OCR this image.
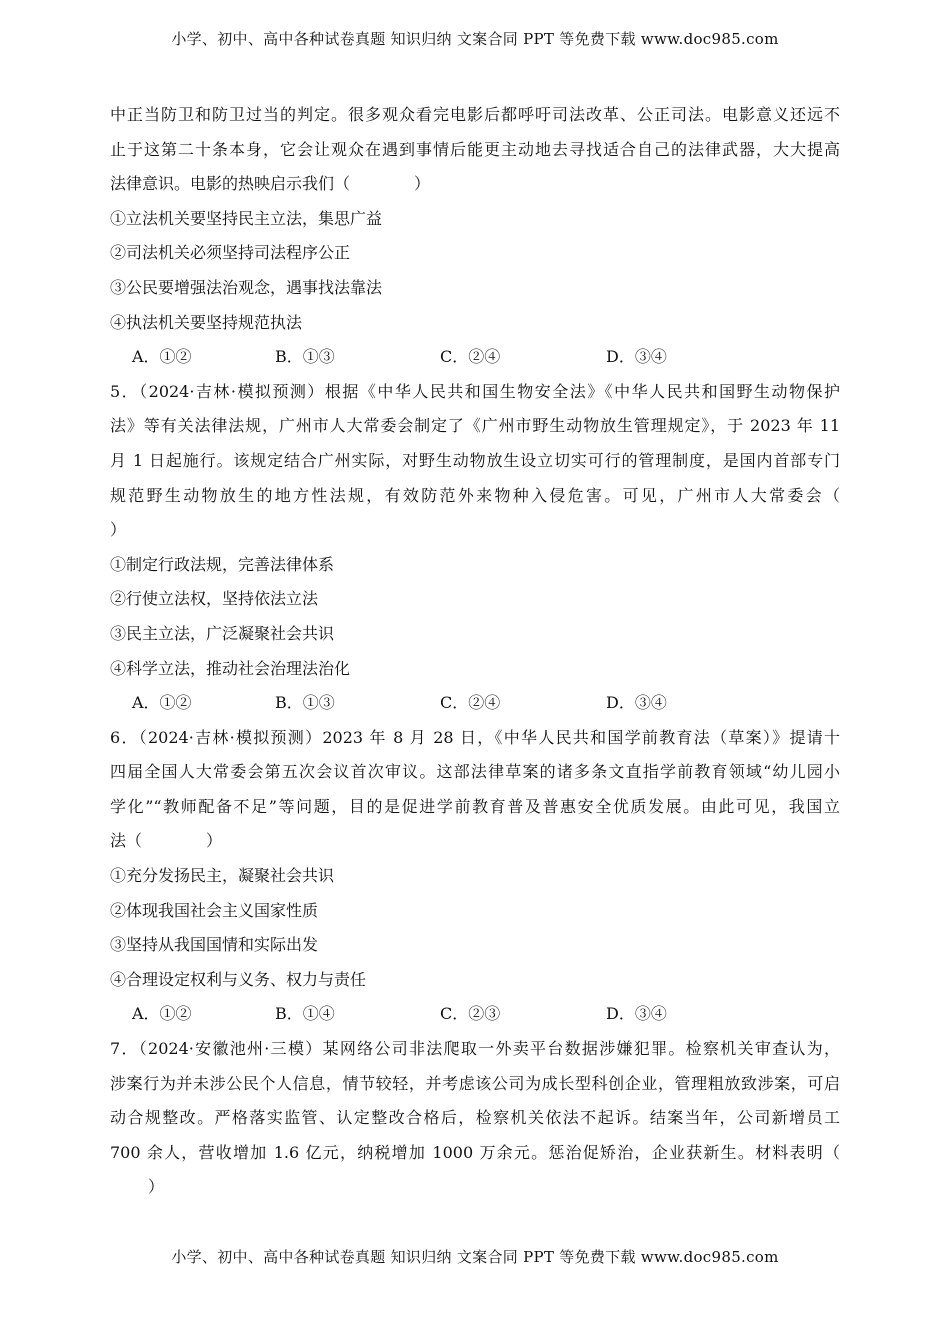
小学、初中、高中各种试卷真题 知识归纳 文案合同 PPT 等免费下载 www.doc985.com
中正当防卫和防卫过当的判定。很多观众看完电影后都呼吁司法改革、公正司法。电影意义还远不
止于这第二十条本身，它会让观众在遇到事情后能更主动地去寻找适合自己的法律武器，大大提高
法律意识。电影的热映启示我们（　　　　）
①立法机关要坚持民主立法，集思广益
②司法机关必须坚持司法程序公正
③公民要增强法治观念，遇事找法靠法
④执法机关要坚持规范执法
A．①②	B．①③	C．②④	D．③④
5．（2024·吉林·模拟预测）根据《中华人民共和国生物安全法》《中华人民共和国野生动物保护
法》等有关法律法规，广州市人大常委会制定了《广州市野生动物放生管理规定》，于 2023 年 11
月 1 日起施行。该规定结合广州实际，对野生动物放生设立切实可行的管理制度，是国内首部专门
规范野生动物放生的地方性法规，有效防范外来物种入侵危害。可见，广州市人大常委会（
）
①制定行政法规，完善法律体系
②行使立法权，坚持依法立法
③民主立法，广泛凝聚社会共识
④科学立法，推动社会治理法治化
A．①②	B．①③	C．②④	D．③④
6．（2024·吉林·模拟预测）2023 年 8 月 28 日，《中华人民共和国学前教育法（草案）》提请十
四届全国人大常委会第五次会议首次审议。这部法律草案的诸多条文直指学前教育领域“幼儿园小
学化”“教师配备不足”等问题，目的是促进学前教育普及普惠安全优质发展。由此可见，我国立
法（　　　　）
①充分发扬民主，凝聚社会共识
②体现我国社会主义国家性质
③坚持从我国国情和实际出发
④合理设定权利与义务、权力与责任
A．①②	B．①④	C．②③	D．③④
7．（2024·安徽池州·三模）某网络公司非法爬取一外卖平台数据涉嫌犯罪。检察机关审查认为，
涉案行为并未涉公民个人信息，情节较轻，并考虑该公司为成长型科创企业，管理粗放致涉案，可启
动合规整改。严格落实监管、认定整改合格后，检察机关依法不起诉。结案当年，公司新增员工
700 余人，营收增加 1.6 亿元，纳税增加 1000 万余元。惩治促矫治，企业获新生。材料表明（
　）
小学、初中、高中各种试卷真题 知识归纳 文案合同 PPT 等免费下载 www.doc985.com
